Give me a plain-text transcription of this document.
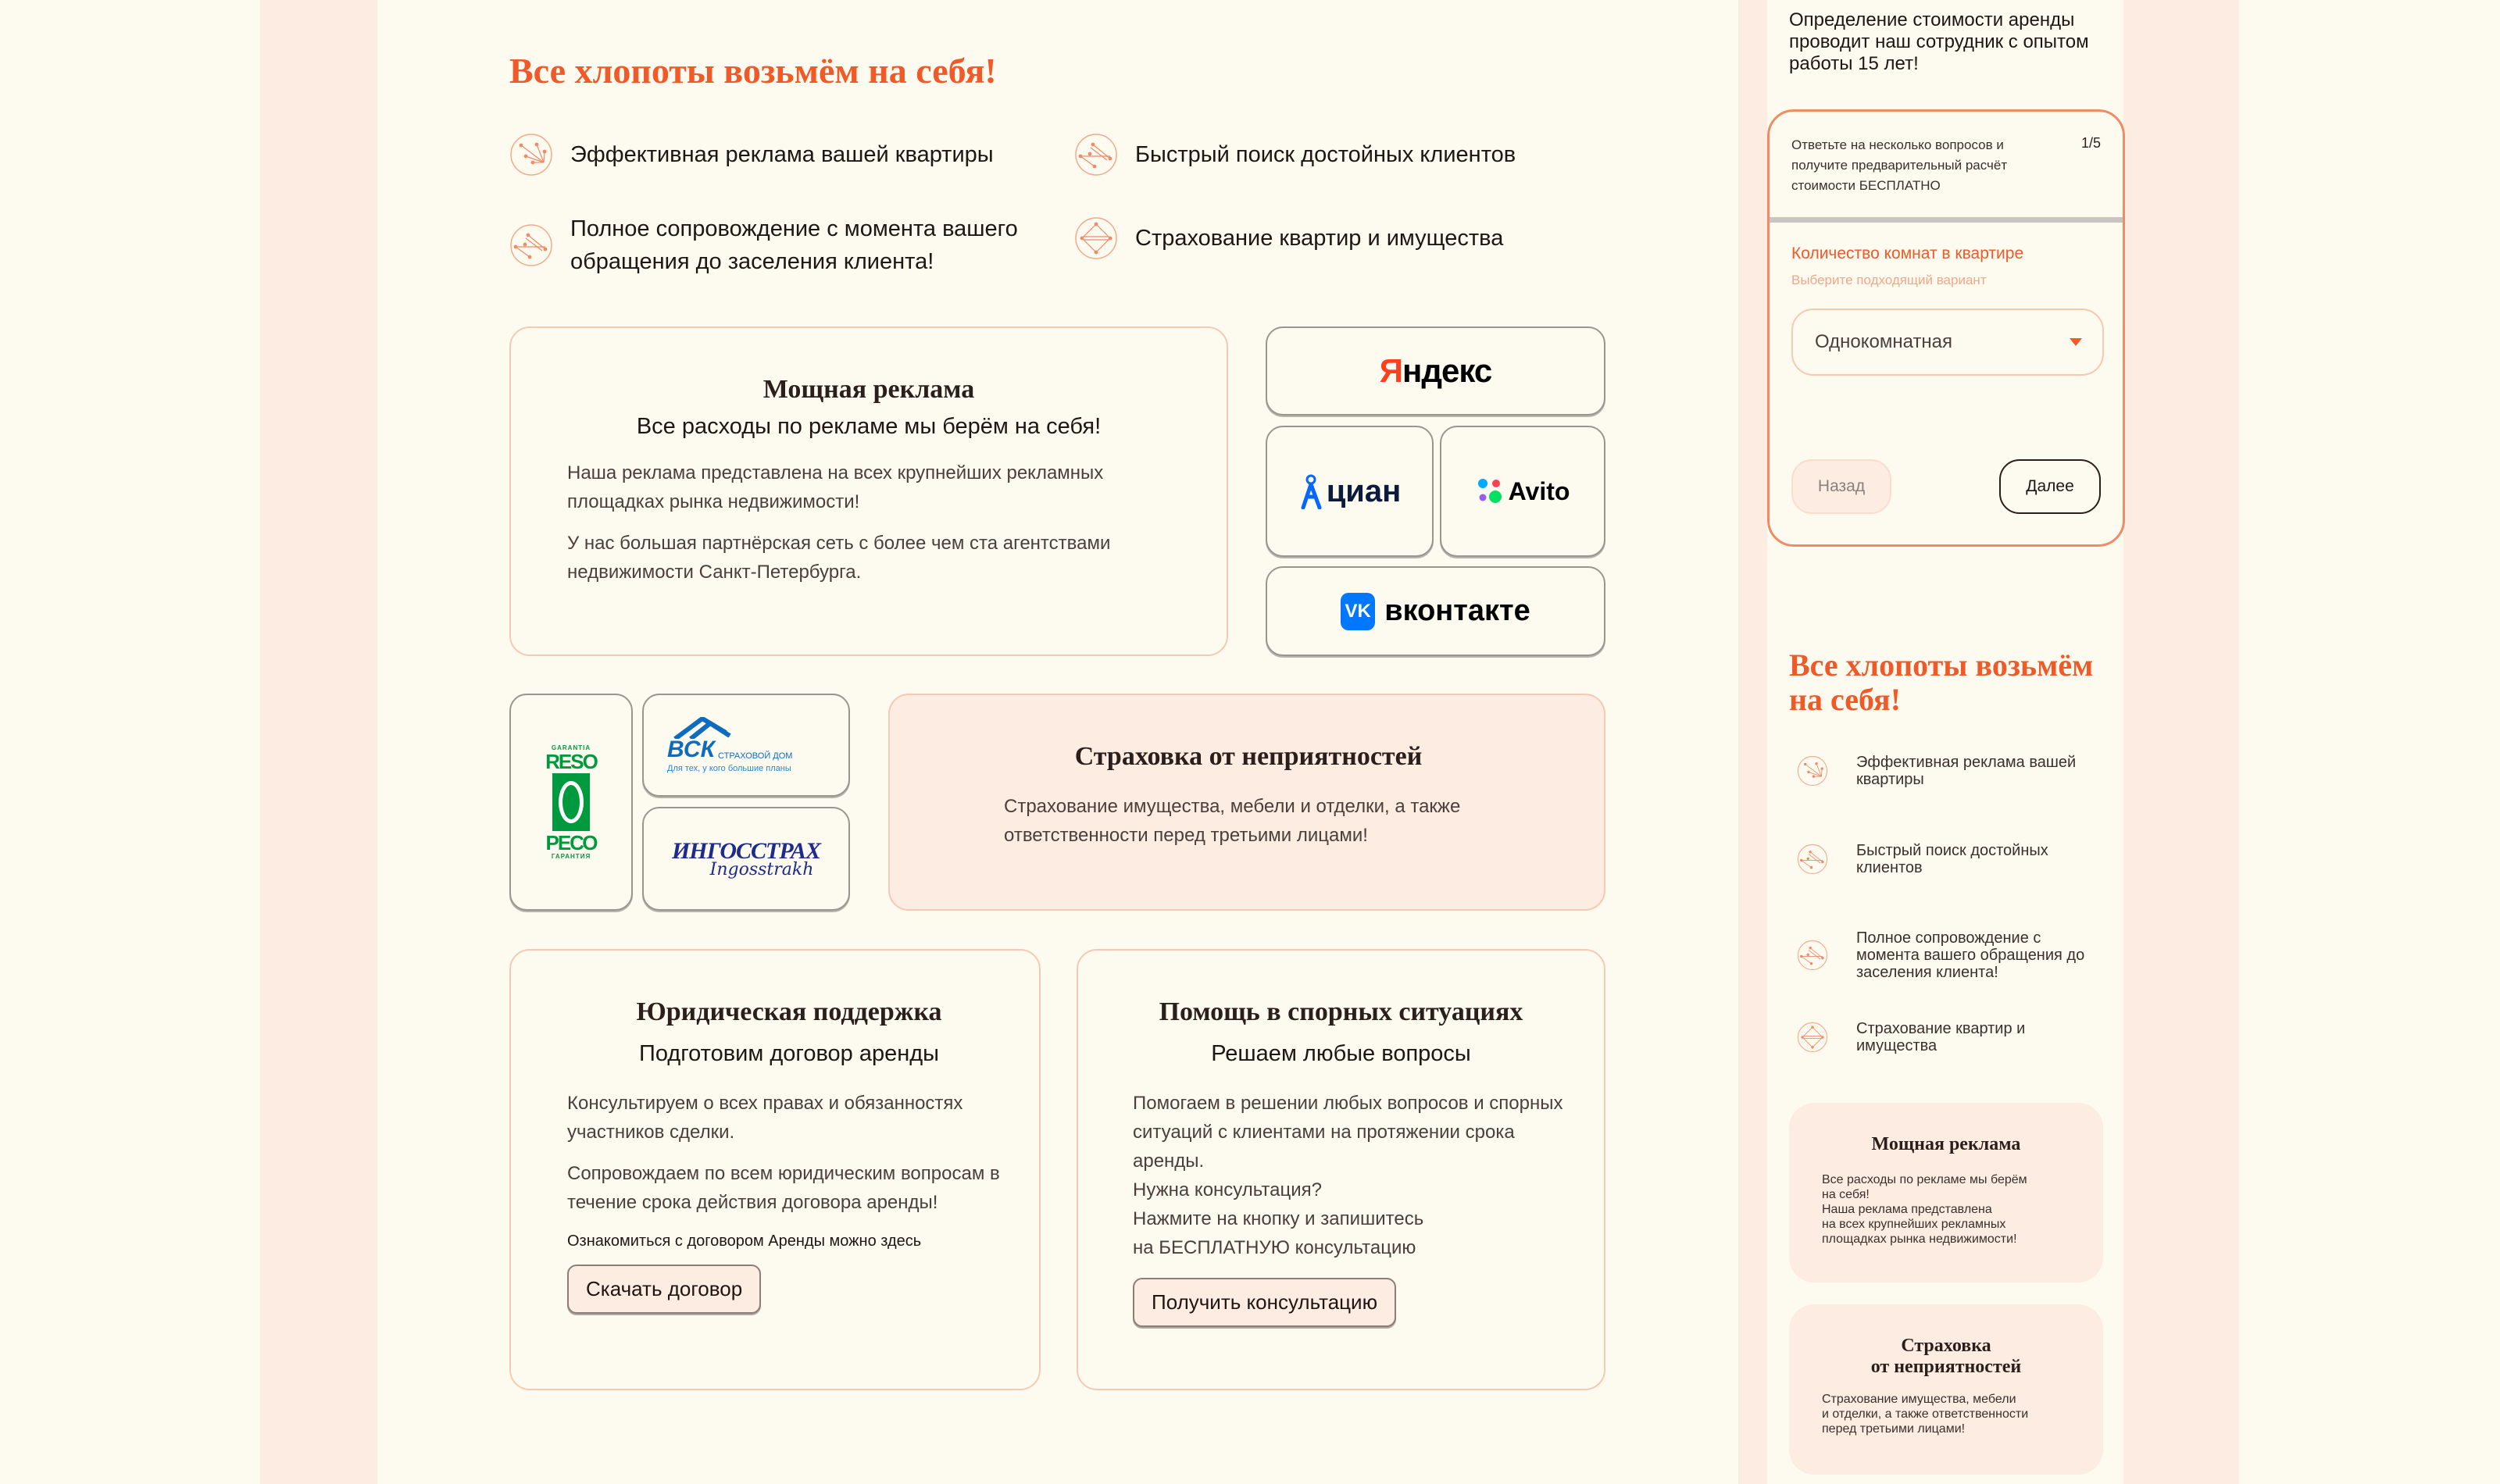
Все хлопоты возьмём на себя!
Эффективная реклама вашей квартиры	Быстрый поиск достойных клиентов
Полное сопровождение с момента вашего обращения до заселения клиента!
Страхование квартир и имущества
Мощная реклама
Все расходы по рекламе мы берём на себя!

Наша реклама представлена на всех крупнейших рекламных площадках рынка недвижимости!

У нас большая партнёрская сеть с более чем ста агентствами недвижимости Санкт-Петербурга.

Яндекс
циан	Avito
VK вконтакте
GARANTIA
RESO
РЕСО
ГАРАНТИЯ
ВСК СТРАХОВОЙ ДОМ
Для тех, у кого большие планы
ИНГОССТРАХ
Ingosstrakh
Страховка от неприятностей

Страхование имущества, мебели и отделки, а также ответственности перед третьими лицами!

Юридическая поддержка
Подготовим договор аренды

Консультируем о всех правах и обязанностях участников сделки.

Сопровождаем по всем юридическим вопросам в течение срока действия договора аренды!

Ознакомиться с договором Аренды можно здесь

Скачать договор
Помощь в спорных ситуациях
Решаем любые вопросы

Помогаем в решении любых вопросов и спорных ситуаций с клиентами на протяжении срока аренды.

Нужна консультация?

Нажмите на кнопку и запишитесь

на БЕСПЛАТНУЮ консультацию

Получить консультацию

Определение стоимости аренды проводит наш сотрудник с опытом работы 15 лет!

Ответьте на несколько вопросов и получите предварительный расчёт стоимости БЕСПЛАТНО

1/5

Количество комнат в квартире

Выберите подходящий вариант

Однокомнатная
Назад	Далее
Все хлопоты возьмём на себя!
Эффективная реклама вашей квартиры
Быстрый поиск достойных клиентов
Полное сопровождение с момента вашего обращения до заселения клиента!
Страхование квартир и имущества
Мощная реклама

Все расходы по рекламе мы берём
на себя!
Наша реклама представлена
на всех крупнейших рекламных
площадках рынка недвижимости!

Страховка
от неприятностей

Страхование имущества, мебели
и отделки, а также ответственности
перед третьими лицами!
